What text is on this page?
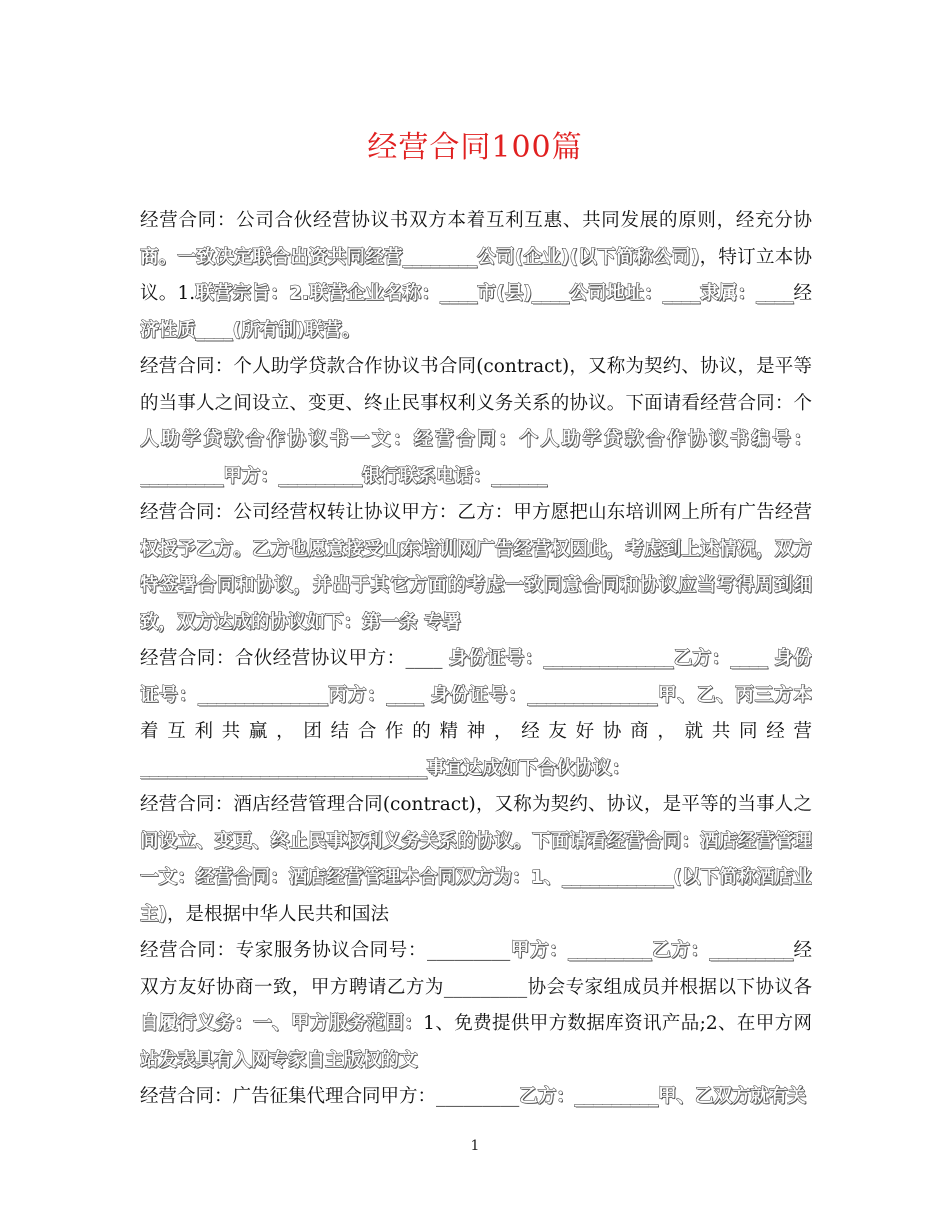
经营合同100篇
经营合同：公司合伙经营协议书双方本着互利互惠、共同发展的原则，经充分协
商。一致决定联合出资共同经营________公司(企业)(以下简称公司)，特订立本协
议。1.联营宗旨：2.联营企业名称：____市(县)____公司地址：____隶属：____经
济性质____(所有制)联营。
经营合同：个人助学贷款合作协议书合同(contract)，又称为契约、协议，是平等
的当事人之间设立、变更、终止民事权利义务关系的协议。下面请看经营合同：个
人助学贷款合作协议书一文：经营合同：个人助学贷款合作协议书编号：
_________甲方：_________银行联系电话：______
经营合同：公司经营权转让协议甲方：乙方：甲方愿把山东培训网上所有广告经营
权授予乙方。乙方也愿意接受山东培训网广告经营权因此，考虑到上述情况，双方
特签署合同和协议，并出于其它方面的考虑一致同意合同和协议应当写得周到细
致，双方达成的协议如下：第一条 专署
经营合同：合伙经营协议甲方：____ 身份证号：______________乙方：____ 身份
证号：______________丙方：____ 身份证号：______________甲、乙、丙三方本
着互利共赢，团结合作的精神，经友好协商，就共同经营
_______________________________事宜达成如下合伙协议：
经营合同：酒店经营管理合同(contract)，又称为契约、协议，是平等的当事人之
间设立、变更、终止民事权利义务关系的协议。下面请看经营合同：酒店经营管理
一文：经营合同：酒店经营管理本合同双方为：1、____________(以下简称酒店业
主)，是根据中华人民共和国法
经营合同：专家服务协议合同号：_________甲方：_________乙方：_________经
双方友好协商一致，甲方聘请乙方为_________协会专家组成员并根据以下协议各
自履行义务：一、甲方服务范围：1、免费提供甲方数据库资讯产品;2、在甲方网
站发表具有入网专家自主版权的文
经营合同：广告征集代理合同甲方：_________乙方：_________甲、乙双方就有关
1
